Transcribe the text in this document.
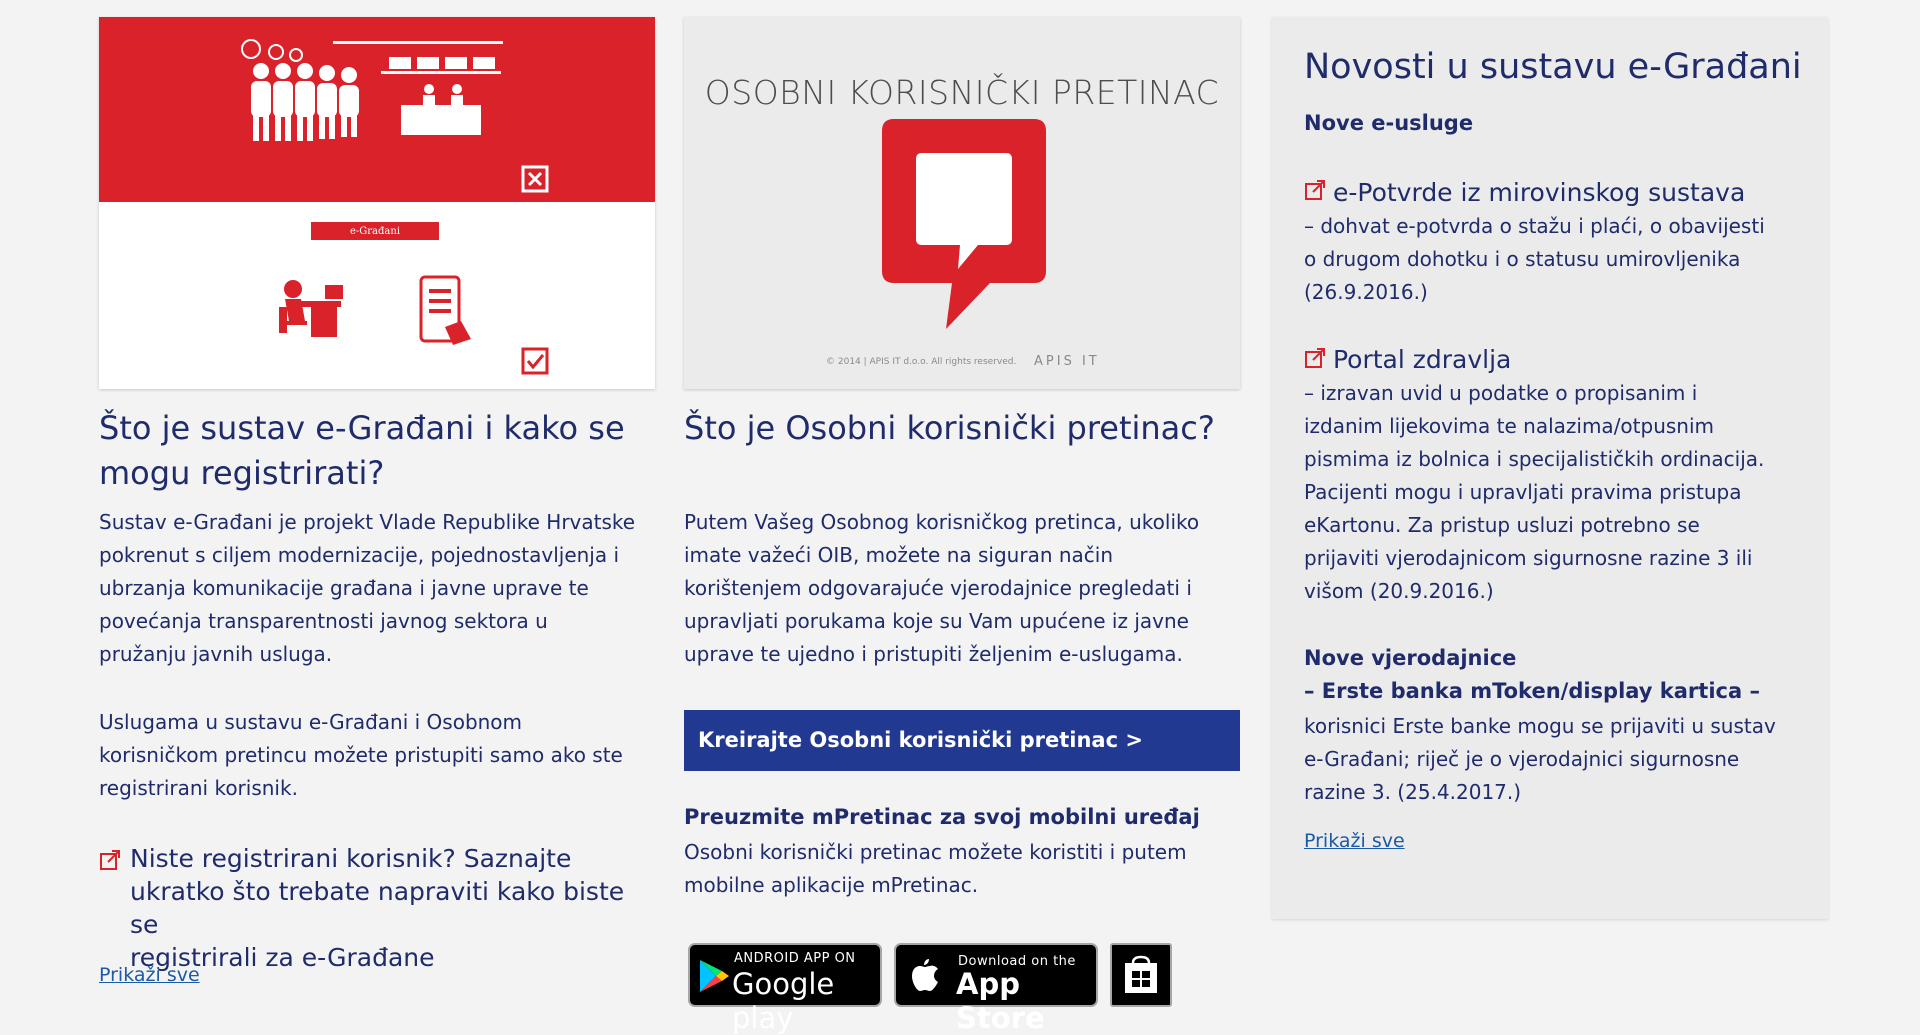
e-Građani
Što je sustav e-Građani i kako se mogu registrirati?
Sustav e-Građani je projekt Vlade Republike Hrvatske
pokrenut s ciljem modernizacije, pojednostavljenja i
ubrzanja komunikacije građana i javne uprave te
povećanja transparentnosti javnog sektora u
pružanju javnih usluga.
Uslugama u sustavu e-Građani i Osobnom
korisničkom pretincu možete pristupiti samo ako ste
registrirani korisnik.
Niste registrirani korisnik? Saznajte
ukratko što trebate napraviti kako biste se
registrirali za e-Građane
Prikaži sve
OSOBNI KORISNIČKI PRETINAC
© 2014 | APIS IT d.o.o. All rights reserved. APIS IT
Što je Osobni korisnički pretinac?
Putem Vašeg Osobnog korisničkog pretinca, ukoliko
imate važeći OIB, možete na siguran način
korištenjem odgovarajuće vjerodajnice pregledati i
upravljati porukama koje su Vam upućene iz javne
uprave te ujedno i pristupiti željenim e-uslugama.
Kreirajte Osobni korisnički pretinac >
Preuzmite mPretinac za svoj mobilni uređaj
Osobni korisnički pretinac možete koristiti i putem
mobilne aplikacije mPretinac.
ANDROID APP ON
Google play
Download on the
App Store
Novosti u sustavu e-Građani
Nove e-usluge
e-Potvrde iz mirovinskog sustava
– dohvat e-potvrda o stažu i plaći, o obavijesti
o drugom dohotku i o statusu umirovljenika
(26.9.2016.)
Portal zdravlja
– izravan uvid u podatke o propisanim i
izdanim lijekovima te nalazima/otpusnim
pismima iz bolnica i specijalističkih ordinacija.
Pacijenti mogu i upravljati pravima pristupa
eKartonu. Za pristup usluzi potrebno se
prijaviti vjerodajnicom sigurnosne razine 3 ili
višom (20.9.2016.)
Nove vjerodajnice
– Erste banka mToken/display kartica –
korisnici Erste banke mogu se prijaviti u sustav
e-Građani; riječ je o vjerodajnici sigurnosne
razine 3. (25.4.2017.)
Prikaži sve
